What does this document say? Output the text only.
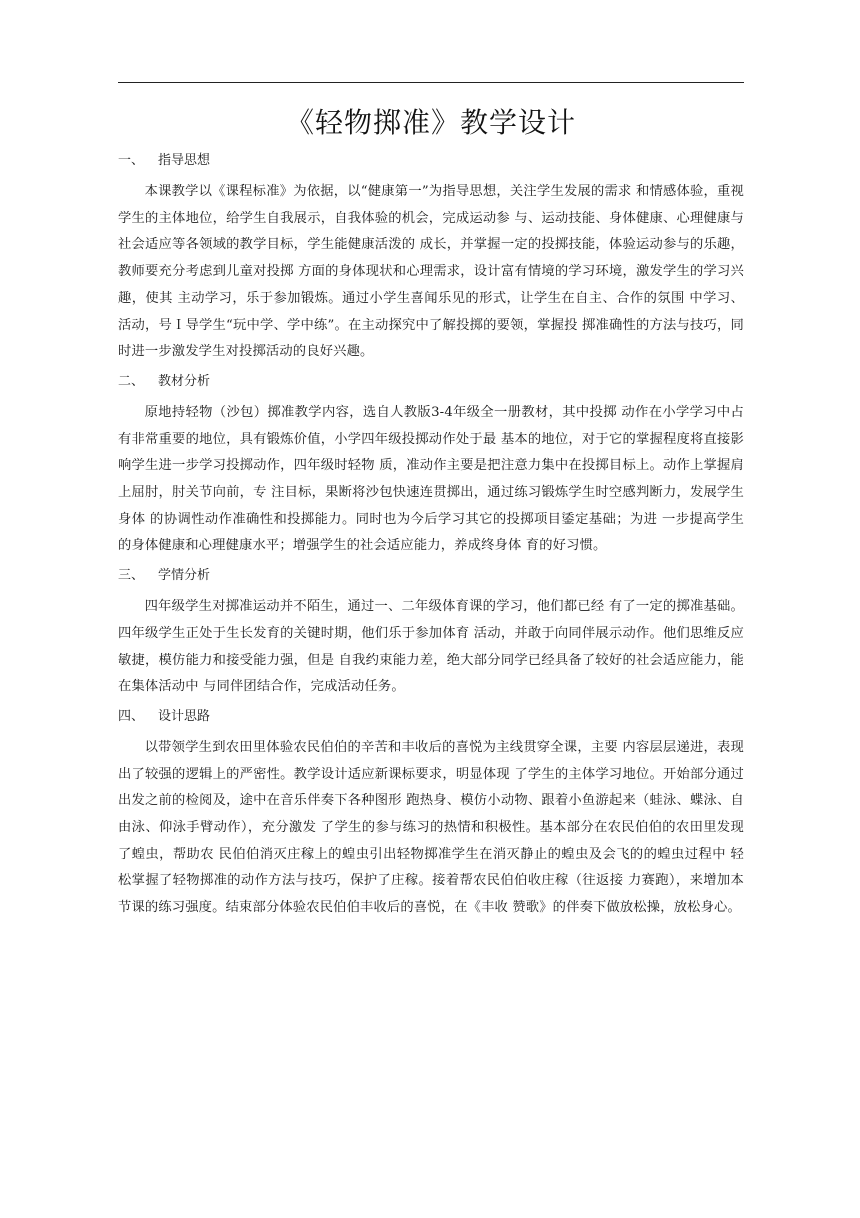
《轻物掷准》教学设计
一、 指导思想

本课教学以《课程标准》为依据，以“健康第一”为指导思想，关注学生发展的需求 和情感体验，重视学生的主体地位，给学生自我展示，自我体验的机会，完成运动参 与、运动技能、身体健康、心理健康与社会适应等各领域的教学目标，学生能健康活泼的 成长，并掌握一定的投掷技能，体验运动参与的乐趣，教师要充分考虑到儿童对投掷 方面的身体现状和心理需求，设计富有情境的学习环境，激发学生的学习兴趣，使其 主动学习，乐于参加锻炼。通过小学生喜闻乐见的形式，让学生在自主、合作的氛围 中学习、活动，号Ｉ导学生“玩中学、学中练”。在主动探究中了解投掷的要领，掌握投 掷准确性的方法与技巧，同时进一步激发学生对投掷活动的良好兴趣。

二、 教材分析

原地持轻物（沙包）掷准教学内容，选自人教版3-4年级全一册教材，其中投掷 动作在小学学习中占有非常重要的地位，具有锻炼价值，小学四年级投掷动作处于最 基本的地位，对于它的掌握程度将直接影响学生进一步学习投掷动作，四年级时轻物 质，准动作主要是把注意力集中在投掷目标上。动作上掌握肩上屈肘，肘关节向前，专 注目标，果断将沙包快速连贯掷出，通过练习锻炼学生时空感判断力，发展学生身体 的协调性动作准确性和投掷能力。同时也为今后学习其它的投掷项目鋈定基础；为进 一步提高学生的身体健康和心理健康水平；增强学生的社会适应能力，养成终身体 育的好习惯。

三、 学情分析

四年级学生对掷准运动并不陌生，通过一、二年级体育课的学习，他们都已经 有了一定的掷准基础。四年级学生正处于生长发育的关键时期，他们乐于参加体育 活动，并敢于向同伴展示动作。他们思维反应敏捷，模仿能力和接受能力强，但是 自我约束能力差，绝大部分同学已经具备了较好的社会适应能力，能在集体活动中 与同伴团结合作，完成活动任务。

四、 设计思路

以带领学生到农田里体验农民伯伯的辛苦和丰收后的喜悦为主线贯穿全课，主要 内容层层递进，表现出了较强的逻辑上的严密性。教学设计适应新课标要求，明显体现 了学生的主体学习地位。开始部分通过出发之前的检阅及，途中在音乐伴奏下各种图形 跑热身、模仿小动物、跟着小鱼游起来（蛙泳、蝶泳、自由泳、仰泳手臂动作），充分激发 了学生的参与练习的热情和积极性。基本部分在农民伯伯的农田里发现了蝗虫，帮助农 民伯伯消灭庄稼上的蝗虫引出轻物掷准学生在消灭静止的蝗虫及会飞的的蝗虫过程中 轻松掌握了轻物掷准的动作方法与技巧，保护了庄稼。接着帮农民伯伯收庄稼（往返接 力赛跑），来增加本节课的练习强度。结束部分体验农民伯伯丰收后的喜悦，在《丰收 赞歌》的伴奏下做放松操，放松身心。
